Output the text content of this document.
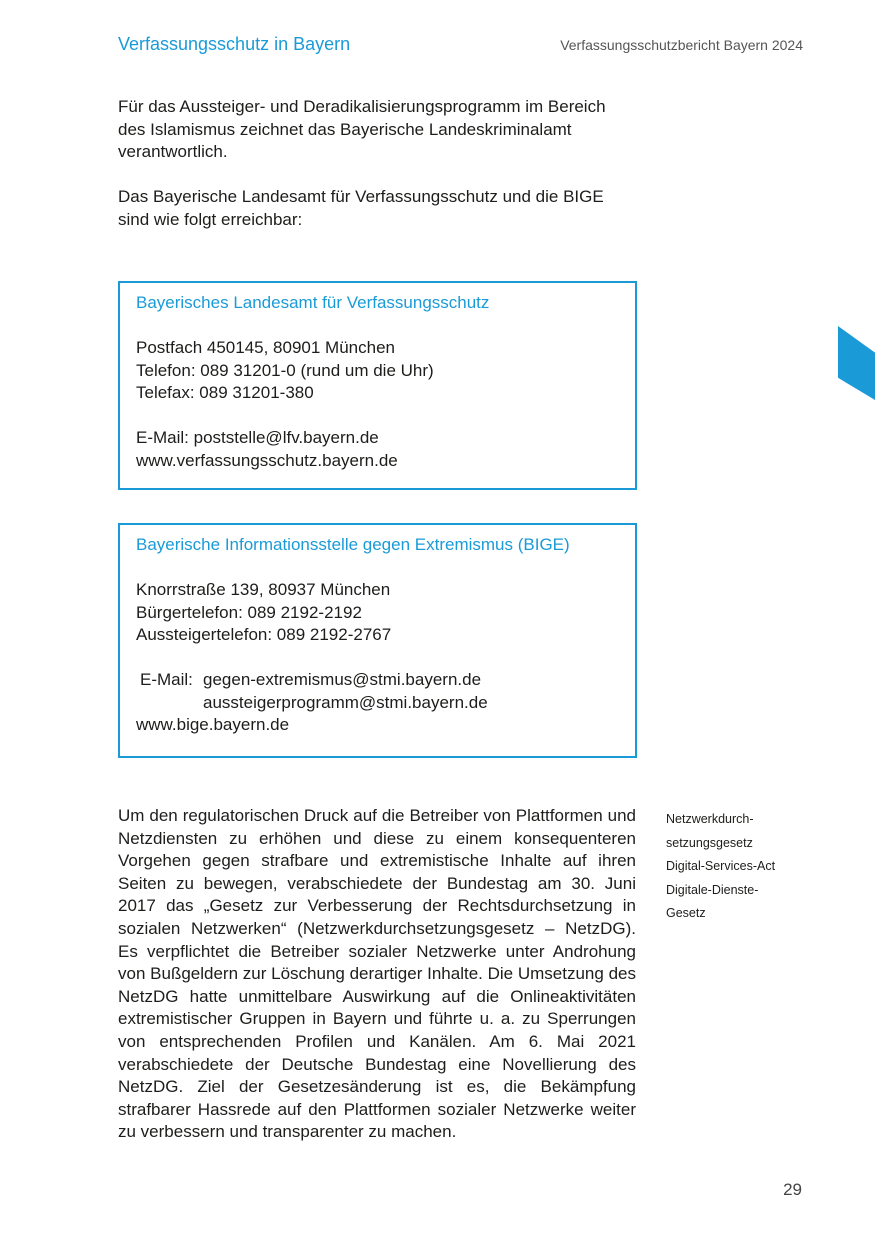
Verfassungsschutz in Bayern	Verfassungsschutzbericht Bayern 2024

Für das Aussteiger- und Deradikalisierungsprogramm im Bereich des Islamismus zeichnet das Bayerische Landeskriminalamt verantwortlich.

Das Bayerische Landesamt für Verfassungsschutz und die BIGE sind wie folgt erreichbar:

Bayerisches Landesamt für Verfassungsschutz

Postfach 450145, 80901 München

Telefon: 089 31201-0 (rund um die Uhr)

Telefax: 089 31201-380

E-Mail: poststelle@lfv.bayern.de

www.verfassungsschutz.bayern.de

Bayerische Informationsstelle gegen Extremismus (BIGE)

Knorrstraße 139, 80937 München

Bürgertelefon: 089 2192-2192

Aussteigertelefon: 089 2192-2767

E-Mail: gegen-extremismus@stmi.bayern.de
aussteigerprogramm@stmi.bayern.de

www.bige.bayern.de

Um den regulatorischen Druck auf die Betreiber von Plattformen und Netzdiensten zu erhöhen und diese zu einem konsequenteren Vorgehen gegen strafbare und extremistische Inhalte auf ihren Seiten zu bewegen, verabschiedete der Bundestag am 30. Juni 2017 das „Gesetz zur Verbesserung der Rechtsdurchsetzung in sozialen Netzwerken“ (Netzwerkdurchsetzungsgesetz – NetzDG). Es verpflichtet die Betreiber sozialer Netzwerke unter Androhung von Bußgeldern zur Löschung derartiger Inhalte. Die Umsetzung des NetzDG hatte unmittelbare Auswirkung auf die Onlineaktivitäten extremistischer Gruppen in Bayern und führte u. a. zu Sperrungen von entsprechenden Profilen und Kanälen. Am 6. Mai 2021 verabschiedete der Deutsche Bundestag eine Novellierung des NetzDG. Ziel der Gesetzesänderung ist es, die Bekämpfung strafbarer Hassrede auf den Plattformen sozialer Netzwerke weiter zu verbessern und transparenter zu machen.

Netzwerkdurch-
setzungsgesetz
Digital-Services-Act
Digitale-Dienste-
Gesetz
29
